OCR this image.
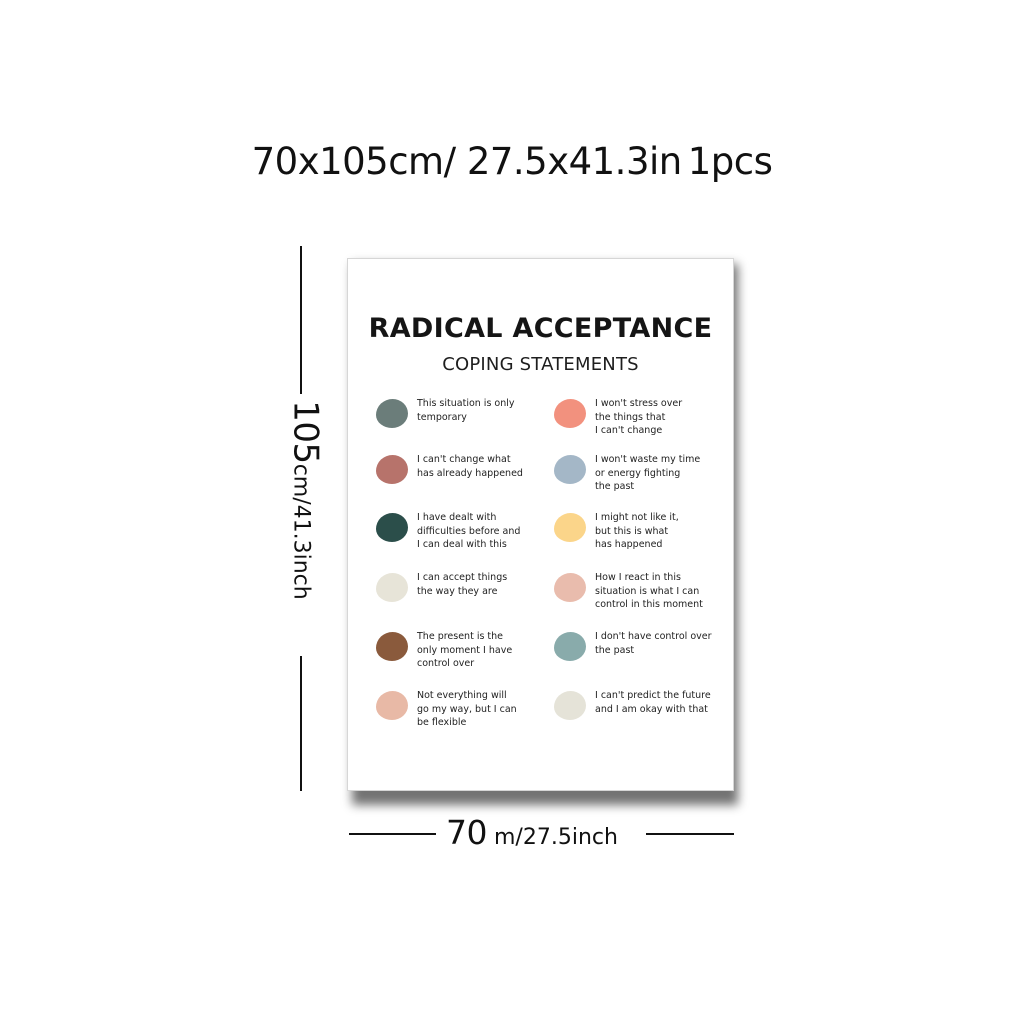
70x105cm/ 27.5x41.3in 1pcs
105cm/41.3inch
RADICAL ACCEPTANCE
COPING STATEMENTS
This situation is only
temporary
I won't stress over
the things that
I can't change
I can't change what
has already happened
I won't waste my time
or energy fighting
the past
I have dealt with
difficulties before and
I can deal with this
I might not like it,
but this is what
has happened
I can accept things
the way they are
How I react in this
situation is what I can
control in this moment
The present is the
only moment I have
control over
I don't have control over
the past
Not everything will
go my way, but I can
be flexible
I can't predict the future
and I am okay with that
70 m/27.5inch
